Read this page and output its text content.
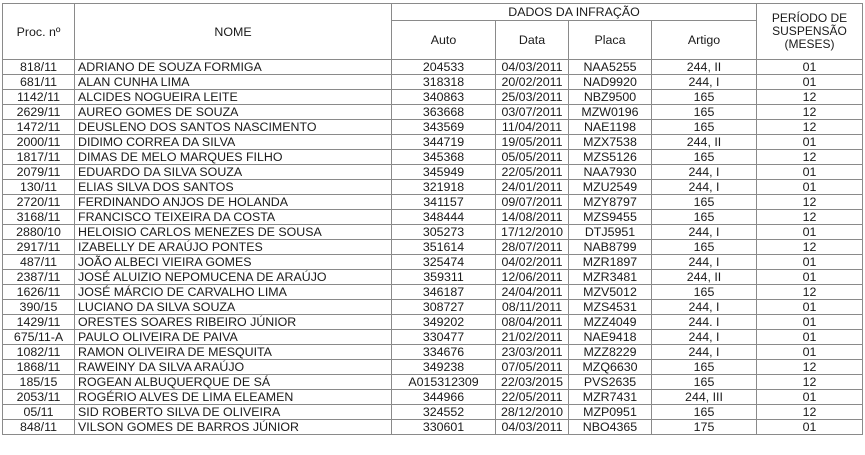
Proc. nº	NOME	DADOS DA INFRAÇÃO				PERÍODO DE
SUSPENSÃO
(MESES)
		Auto	Data	Placa	Artigo	
818/11	ADRIANO DE SOUZA FORMIGA	204533	04/03/2011	NAA5255	244, II	01
681/11	ALAN CUNHA LIMA	318318	20/02/2011	NAD9920	244, I	01
1142/11	ALCIDES NOGUEIRA LEITE	340863	25/03/2011	NBZ9500	165	12
2629/11	AUREO GOMES DE SOUZA	363668	03/07/2011	MZW0196	165	12
1472/11	DEUSLENO DOS SANTOS NASCIMENTO	343569	11/04/2011	NAE1198	165	12
2000/11	DIDIMO CORREA DA SILVA	344719	19/05/2011	MZX7538	244, II	01
1817/11	DIMAS DE MELO MARQUES FILHO	345368	05/05/2011	MZS5126	165	12
2079/11	EDUARDO DA SILVA SOUZA	345949	22/05/2011	NAA7930	244, I	01
130/11	ELIAS SILVA DOS SANTOS	321918	24/01/2011	MZU2549	244, I	01
2720/11	FERDINANDO ANJOS DE HOLANDA	341157	09/07/2011	MZY8797	165	12
3168/11	FRANCISCO TEIXEIRA DA COSTA	348444	14/08/2011	MZS9455	165	12
2880/10	HELOISIO CARLOS MENEZES DE SOUSA	305273	17/12/2010	DTJ5951	244, I	01
2917/11	IZABELLY DE ARAÚJO PONTES	351614	28/07/2011	NAB8799	165	12
487/11	JOÃO ALBECI VIEIRA GOMES	325474	04/02/2011	MZR1897	244, I	01
2387/11	JOSÉ ALUIZIO NEPOMUCENA DE ARAÚJO	359311	12/06/2011	MZR3481	244, II	01
1626/11	JOSÉ MÁRCIO DE CARVALHO LIMA	346187	24/04/2011	MZV5012	165	12
390/15	LUCIANO DA SILVA SOUZA	308727	08/11/2011	MZS4531	244, I	01
1429/11	ORESTES SOARES RIBEIRO JÚNIOR	349202	08/04/2011	MZZ4049	244. I	01
675/11-A	PAULO OLIVEIRA DE PAIVA	330477	21/02/2011	NAE9418	244, I	01
1082/11	RAMON OLIVEIRA DE MESQUITA	334676	23/03/2011	MZZ8229	244, I	01
1868/11	RAWEINY DA SILVA ARAÚJO	349238	07/05/2011	MZQ6630	165	12
185/15	ROGEAN ALBUQUERQUE DE SÁ	A015312309	22/03/2015	PVS2635	165	12
2053/11	ROGÉRIO ALVES DE LIMA ELEAMEN	344966	22/05/2011	MZR7431	244, III	01
05/11	SID ROBERTO SILVA DE OLIVEIRA	324552	28/12/2010	MZP0951	165	12
848/11	VILSON GOMES DE BARROS JÚNIOR	330601	04/03/2011	NBO4365	175	01
